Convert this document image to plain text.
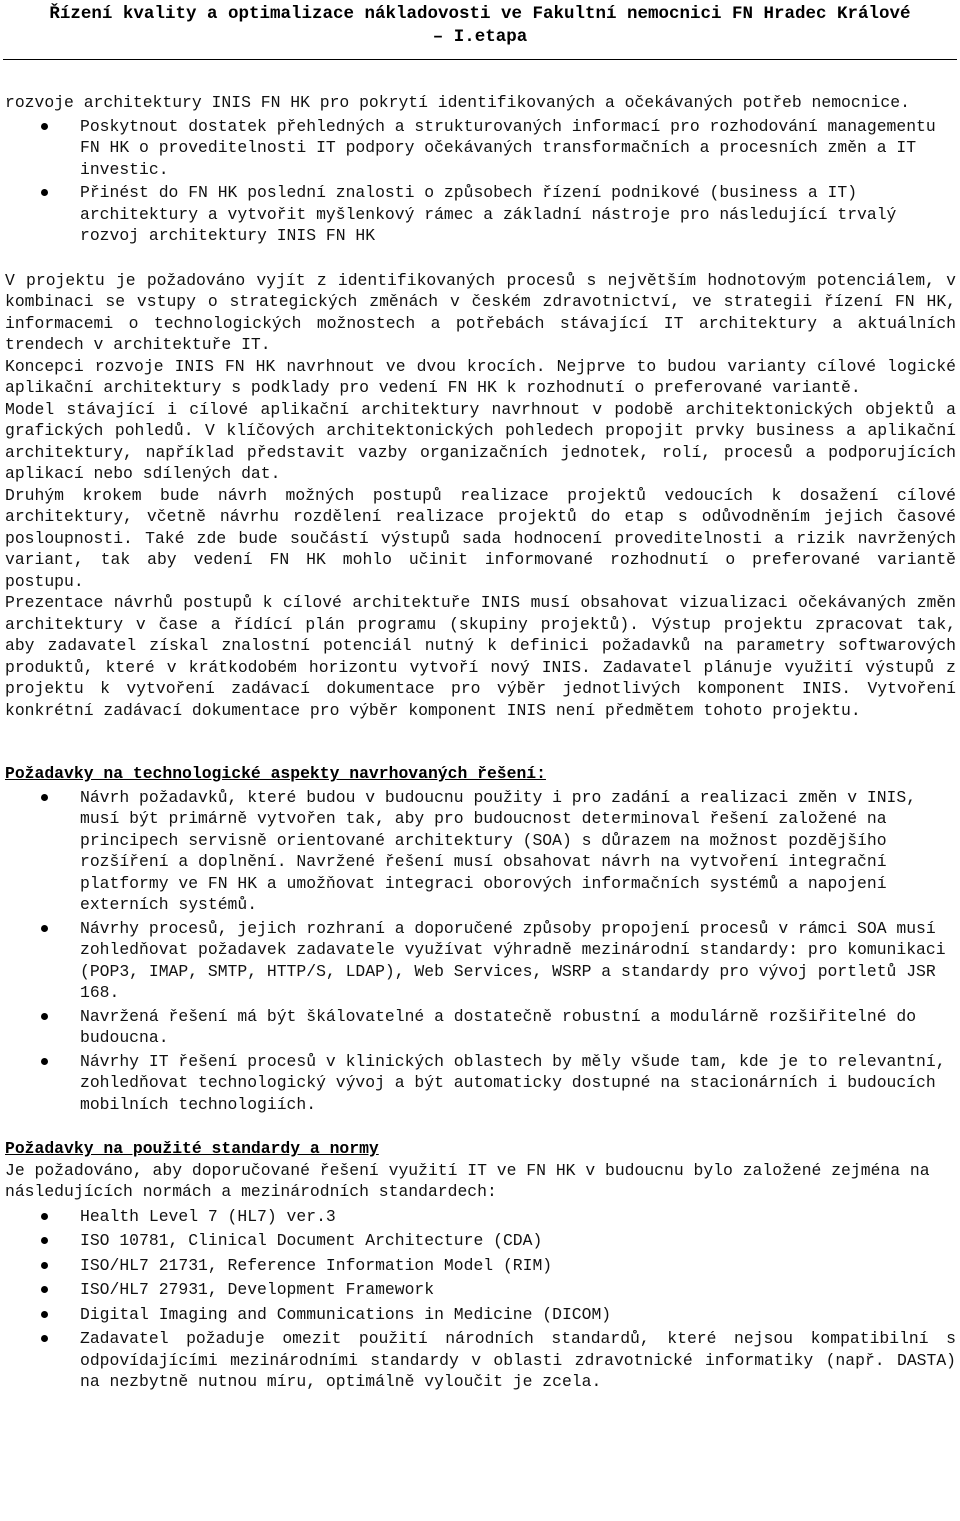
Řízení kvality a optimalizace nákladovosti ve Fakultní nemocnici FN Hradec Králové
– I.etapa

rozvoje architektury INIS FN HK pro pokrytí identifikovaných a očekávaných potřeb nemocnice.

Poskytnout dostatek přehledných a strukturovaných informací pro rozhodování managementu FN HK o proveditelnosti IT podpory očekávaných transformačních a procesních změn a IT investic.
Přinést do FN HK poslední znalosti o způsobech řízení podnikové (business a IT) architektury a vytvořit myšlenkový rámec a základní nástroje pro následující trvalý rozvoj architektury INIS FN HK

V projektu je požadováno vyjít z identifikovaných procesů s největším hodnotovým potenciálem, v kombinaci se vstupy o strategických změnách v českém zdravotnictví, ve strategii řízení FN HK, informacemi o technologických možnostech a potřebách stávající IT architektury a aktuálních trendech v architektuře IT.

Koncepci rozvoje INIS FN HK navrhnout ve dvou krocích. Nejprve to budou varianty cílové logické aplikační architektury s podklady pro vedení FN HK k rozhodnutí o preferované variantě.

Model stávající i cílové aplikační architektury navrhnout v podobě architektonických objektů a grafických pohledů. V klíčových architektonických pohledech propojit prvky business a aplikační architektury, například představit vazby organizačních jednotek, rolí, procesů a podporujících aplikací nebo sdílených dat.

Druhým krokem bude návrh možných postupů realizace projektů vedoucích k dosažení cílové architektury, včetně návrhu rozdělení realizace projektů do etap s odůvodněním jejich časové posloupnosti. Také zde bude součástí výstupů sada hodnocení proveditelnosti a rizik navržených variant, tak aby vedení FN HK mohlo učinit informované rozhodnutí o preferované variantě postupu.

Prezentace návrhů postupů k cílové architektuře INIS musí obsahovat vizualizaci očekávaných změn architektury v čase a řídící plán programu (skupiny projektů). Výstup projektu zpracovat tak, aby zadavatel získal znalostní potenciál nutný k definici požadavků na parametry softwarových produktů, které v krátkodobém horizontu vytvoří nový INIS. Zadavatel plánuje využití výstupů z projektu k vytvoření zadávací dokumentace pro výběr jednotlivých komponent INIS. Vytvoření konkrétní zadávací dokumentace pro výběr komponent INIS není předmětem tohoto projektu.

Požadavky na technologické aspekty navrhovaných řešení:

Návrh požadavků, které budou v budoucnu použity i pro zadání a realizaci změn v INIS, musí být primárně vytvořen tak, aby pro budoucnost determinoval řešení založené na principech servisně orientované architektury (SOA) s důrazem na možnost pozdějšího rozšíření a doplnění. Navržené řešení musí obsahovat návrh na vytvoření integrační platformy ve FN HK a umožňovat integraci oborových informačních systémů a napojení externích systémů.
Návrhy procesů, jejich rozhraní a doporučené způsoby propojení procesů v rámci SOA musí zohledňovat požadavek zadavatele využívat výhradně mezinárodní standardy: pro komunikaci (POP3, IMAP, SMTP, HTTP/S, LDAP), Web Services, WSRP a standardy pro vývoj portletů JSR 168.
Navržená řešení má být škálovatelné a dostatečně robustní a modulárně rozšiřitelné do budoucna.
Návrhy IT řešení procesů v klinických oblastech by měly všude tam, kde je to relevantní, zohledňovat technologický vývoj a být automaticky dostupné na stacionárních i budoucích mobilních technologiích.

Požadavky na použité standardy a normy

Je požadováno, aby doporučované řešení využití IT ve FN HK v budoucnu bylo založené zejména na následujících normách a mezinárodních standardech:

Health Level 7 (HL7) ver.3
ISO 10781, Clinical Document Architecture (CDA)
ISO/HL7 21731, Reference Information Model (RIM)
ISO/HL7 27931, Development Framework
Digital Imaging and Communications in Medicine (DICOM)
Zadavatel požaduje omezit použití národních standardů, které nejsou kompatibilní s odpovídajícími mezinárodními standardy v oblasti zdravotnické informatiky (např. DASTA) na nezbytně nutnou míru, optimálně vyloučit je zcela.
